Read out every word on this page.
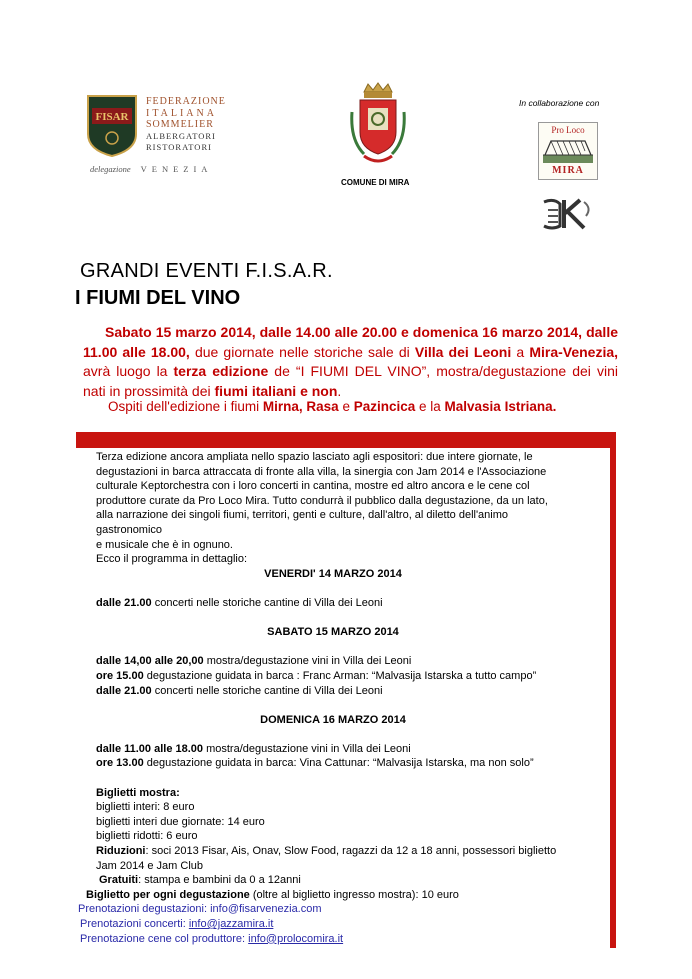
FISAR
FEDERAZIONE
ITALIANA
SOMMELIER
ALBERGATORI
RISTORATORI
delegazione VENEZIA
COMUNE DI MIRA
In collaborazione con
Pro Loco
MIRA
GRANDI EVENTI F.I.S.A.R.
I FIUMI DEL VINO
Sabato 15 marzo 2014, dalle 14.00 alle 20.00 e domenica 16 marzo 2014, dalle 11.00 alle 18.00, due giornate nelle storiche sale di Villa dei Leoni a Mira-Venezia, avrà luogo la terza edizione de “I FIUMI DEL VINO”, mostra/degustazione dei vini nati in prossimità dei fiumi italiani e non.
Ospiti dell'edizione i fiumi Mirna, Rasa e Pazincica e la Malvasia Istriana.
Terza edizione ancora ampliata nello spazio lasciato agli espositori: due intere giornate, le
degustazioni in barca attraccata di fronte alla villa, la sinergia con Jam 2014 e l'Associazione
culturale Keptorchestra con i loro concerti in cantina, mostre ed altro ancora e le cene col
produttore curate da Pro Loco Mira. Tutto condurrà il pubblico dalla degustazione, da un lato,
alla narrazione dei singoli fiumi, territori, genti e culture, dall'altro, al diletto dell'animo gastronomico
e musicale che è in ognuno.
Ecco il programma in dettaglio:
VENERDI' 14 MARZO 2014
dalle 21.00 concerti nelle storiche cantine di Villa dei Leoni
SABATO 15 MARZO 2014
dalle 14,00 alle 20,00 mostra/degustazione vini in Villa dei Leoni
ore 15.00 degustazione guidata in barca : Franc Arman: “Malvasija Istarska a tutto campo”
dalle 21.00 concerti nelle storiche cantine di Villa dei Leoni
DOMENICA 16 MARZO 2014
dalle 11.00 alle 18.00 mostra/degustazione vini in Villa dei Leoni
ore 13.00 degustazione guidata in barca: Vina Cattunar: “Malvasija Istarska, ma non solo”
Biglietti mostra:
biglietti interi: 8 euro
biglietti interi due giornate: 14 euro
biglietti ridotti: 6 euro
Riduzioni: soci 2013 Fisar, Ais, Onav, Slow Food, ragazzi da 12 a 18 anni, possessori biglietto
Jam 2014 e Jam Club
Gratuiti: stampa e bambini da 0 a 12anni
Biglietto per ogni degustazione (oltre al biglietto ingresso mostra): 10 euro
Prenotazioni degustazioni: info@fisarvenezia.com
Prenotazioni concerti: info@jazzamira.it
Prenotazione cene col produttore: info@prolocomira.it
